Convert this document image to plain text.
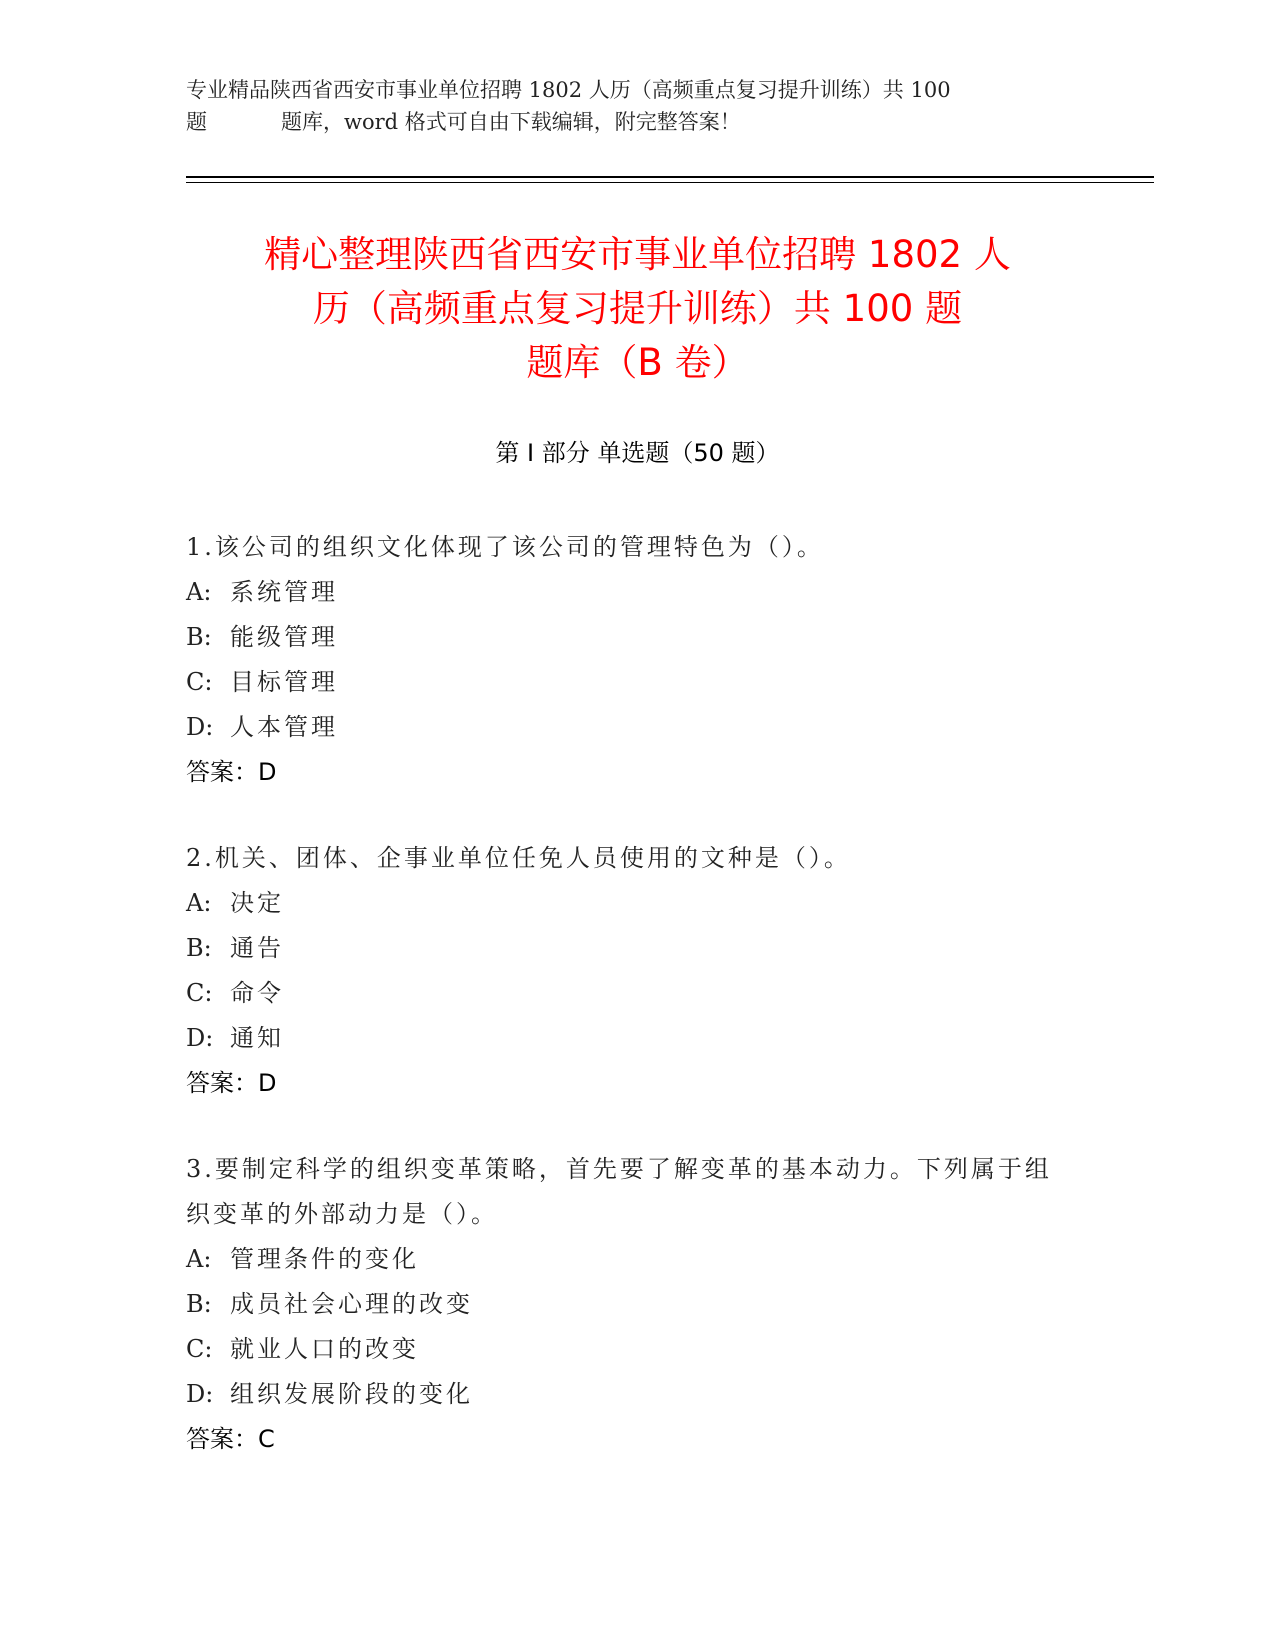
专业精品陕西省西安市事业单位招聘 1802 人历（高频重点复习提升训练）共 100
题	题库，word 格式可自由下载编辑，附完整答案！
精心整理陕西省西安市事业单位招聘 1802 人
历（高频重点复习提升训练）共 100 题
题库（B 卷）
第 I 部分 单选题（50 题）
1.该公司的组织文化体现了该公司的管理特色为（）。
A: 系统管理
B: 能级管理
C: 目标管理
D: 人本管理
答案：D
2.机关、团体、企事业单位任免人员使用的文种是（）。
A: 决定
B: 通告
C: 命令
D: 通知
答案：D
3.要制定科学的组织变革策略，首先要了解变革的基本动力。下列属于组织变革的外部动力是（）。
A: 管理条件的变化
B: 成员社会心理的改变
C: 就业人口的改变
D: 组织发展阶段的变化
答案：C
